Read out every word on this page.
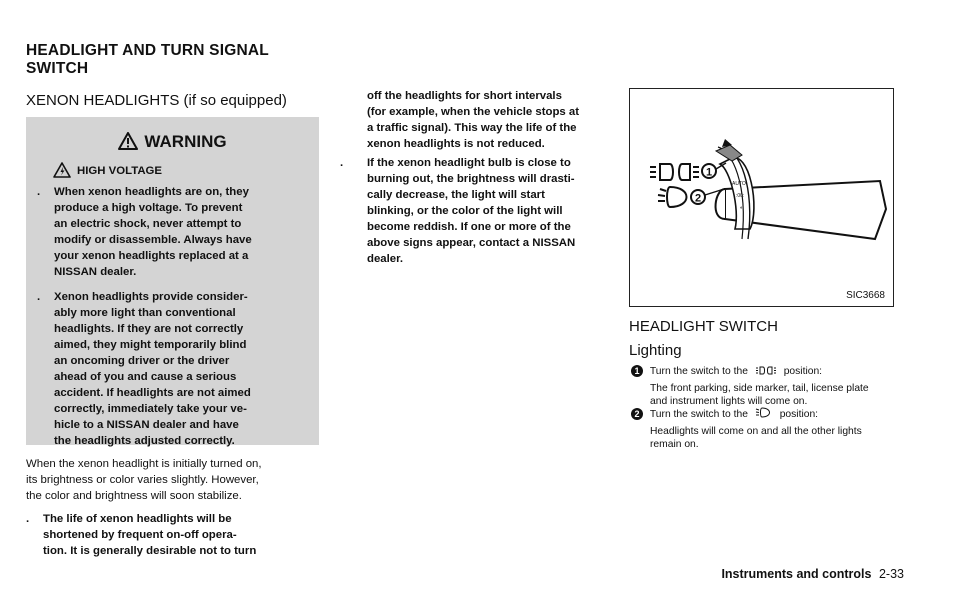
HEADLIGHT AND TURN SIGNAL
SWITCH
XENON HEADLIGHTS (if so equipped)
WARNING
HIGH VOLTAGE
. When xenon headlights are on, they
produce a high voltage. To prevent
an electric shock, never attempt to
modify or disassemble. Always have
your xenon headlights replaced at a
NISSAN dealer.
. Xenon headlights provide consider-
ably more light than conventional
headlights. If they are not correctly
aimed, they might temporarily blind
an oncoming driver or the driver
ahead of you and cause a serious
accident. If headlights are not aimed
correctly, immediately take your ve-
hicle to a NISSAN dealer and have
the headlights adjusted correctly.
When the xenon headlight is initially turned on,
its brightness or color varies slightly. However,
the color and brightness will soon stabilize.
. The life of xenon headlights will be
shortened by frequent on-off opera-
tion. It is generally desirable not to turn
off the headlights for short intervals
(for example, when the vehicle stops at
a traffic signal). This way the life of the
xenon headlights is not reduced.
. If the xenon headlight bulb is close to
burning out, the brightness will drasti-
cally decrease, the light will start
blinking, or the color of the light will
become reddish. If one or more of the
above signs appear, contact a NISSAN
dealer.
AUTO
:00:
◐
1
2
SIC3668
HEADLIGHT SWITCH
Lighting
1 Turn the switch to the	position:
The front parking, side marker, tail, license plate
and instrument lights will come on.
2 Turn the switch to the	position:
Headlights will come on and all the other lights
remain on.
Instruments and controls 2-33
